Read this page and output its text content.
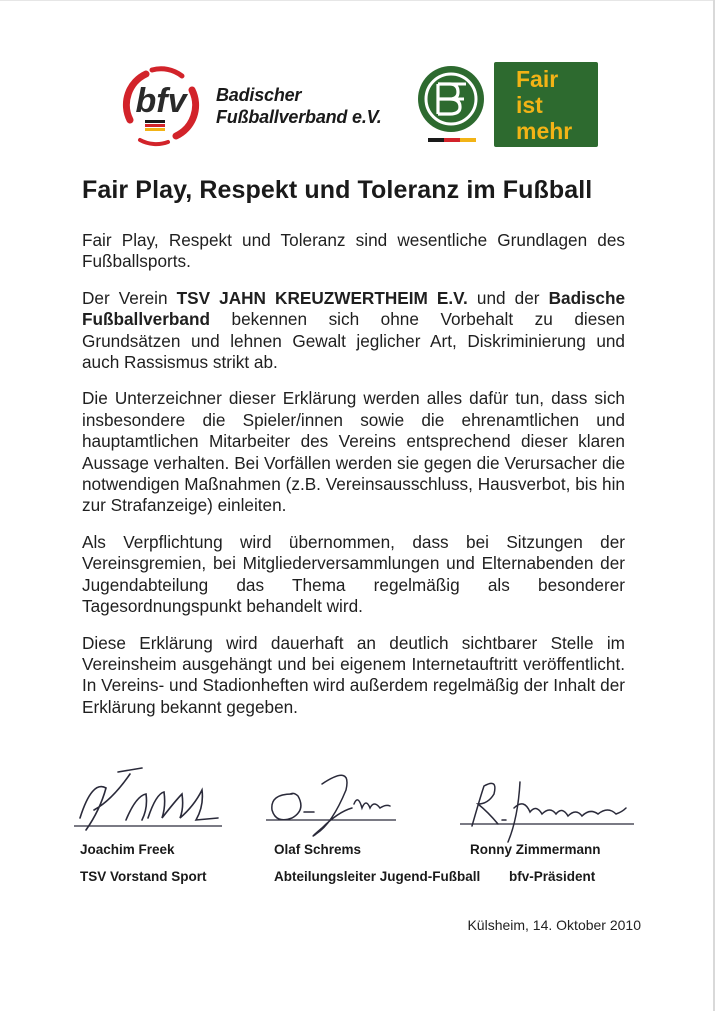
bfv Badischer
Fußballverband e.V.
Fair
ist
mehr
Fair Play, Respekt und Toleranz im Fußball

Fair Play, Respekt und Toleranz sind wesentliche Grundlagen des Fußballsports.

Der Verein TSV JAHN KREUZWERTHEIM E.V. und der Badische Fußballverband bekennen sich ohne Vorbehalt zu diesen Grundsätzen und lehnen Gewalt jeglicher Art, Diskriminierung und auch Rassismus strikt ab.

Die Unterzeichner dieser Erklärung werden alles dafür tun, dass sich insbesondere die Spieler/innen sowie die ehrenamtlichen und hauptamtlichen Mitarbeiter des Vereins entsprechend dieser klaren Aussage verhalten. Bei Vorfällen werden sie gegen die Verursacher die notwendigen Maßnahmen (z.B. Vereinsausschluss, Hausverbot, bis hin zur Strafanzeige) einleiten.

Als Verpflichtung wird übernommen, dass bei Sitzungen der Vereinsgremien, bei Mitgliederversammlungen und Elternabenden der Jugendabteilung das Thema regelmäßig als besonderer Tagesordnungspunkt behandelt wird.

Diese Erklärung wird dauerhaft an deutlich sichtbarer Stelle im Vereinsheim ausgehängt und bei eigenem Internetauftritt veröffentlicht. In Vereins- und Stadionheften wird außerdem regelmäßig der Inhalt der Erklärung bekannt gegeben.

Joachim Freek
TSV Vorstand Sport
Olaf Schrems
Abteilungsleiter Jugend-Fußball
Ronny Zimmermann
bfv-Präsident
Külsheim, 14. Oktober 2010
